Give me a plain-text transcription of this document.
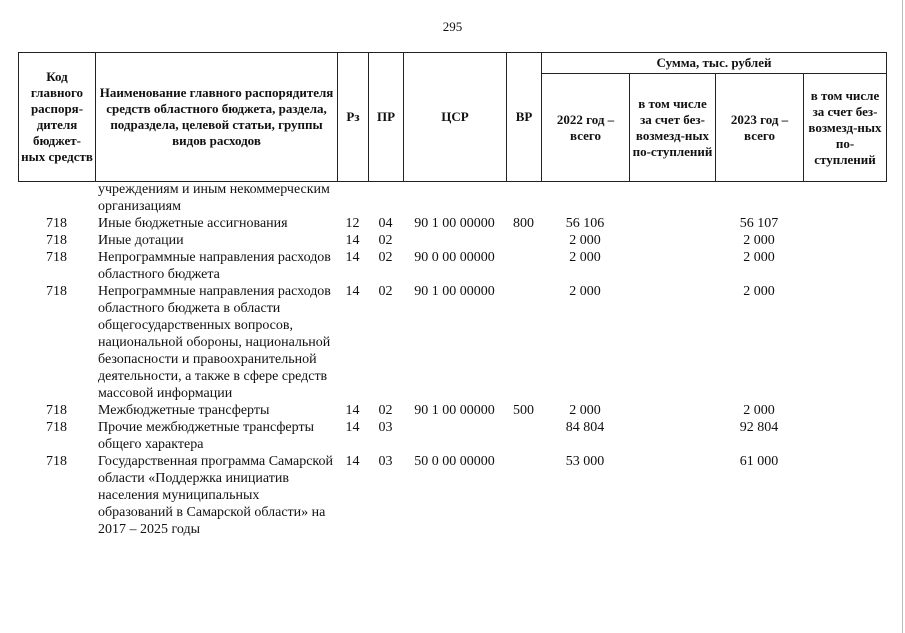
295
Код главного распоря-дителя бюджет-ных средств	Наименование главного распорядителя средств областного бюджета, раздела, подраздела, целевой статьи, группы видов расходов	Рз	ПР	ЦСР	ВР	Сумма, тыс. рублей			
						2022 год – всего	в том числе за счет без-возмезд-ных по-ступлений	2023 год – всего	в том числе за счет без-возмезд-ных по-ступлений
	учреждениям и иным некоммерческим организациям								
718	Иные бюджетные ассигнования	12	04	90 1 00 00000	800	56 106		56 107	
718	Иные дотации	14	02			2 000		2 000	
718	Непрограммные направления расходов областного бюджета	14	02	90 0 00 00000		2 000		2 000	
718	Непрограммные направления расходов областного бюджета в области общегосударственных вопросов, национальной обороны, национальной безопасности и правоохранительной деятельности, а также в сфере средств массовой информации	14	02	90 1 00 00000		2 000		2 000	
718	Межбюджетные трансферты	14	02	90 1 00 00000	500	2 000		2 000	
718	Прочие межбюджетные трансферты общего характера	14	03			84 804		92 804	
718	Государственная программа Самарской области «Поддержка инициатив населения муниципальных образований в Самарской области» на 2017 – 2025 годы	14	03	50 0 00 00000		53 000		61 000	
